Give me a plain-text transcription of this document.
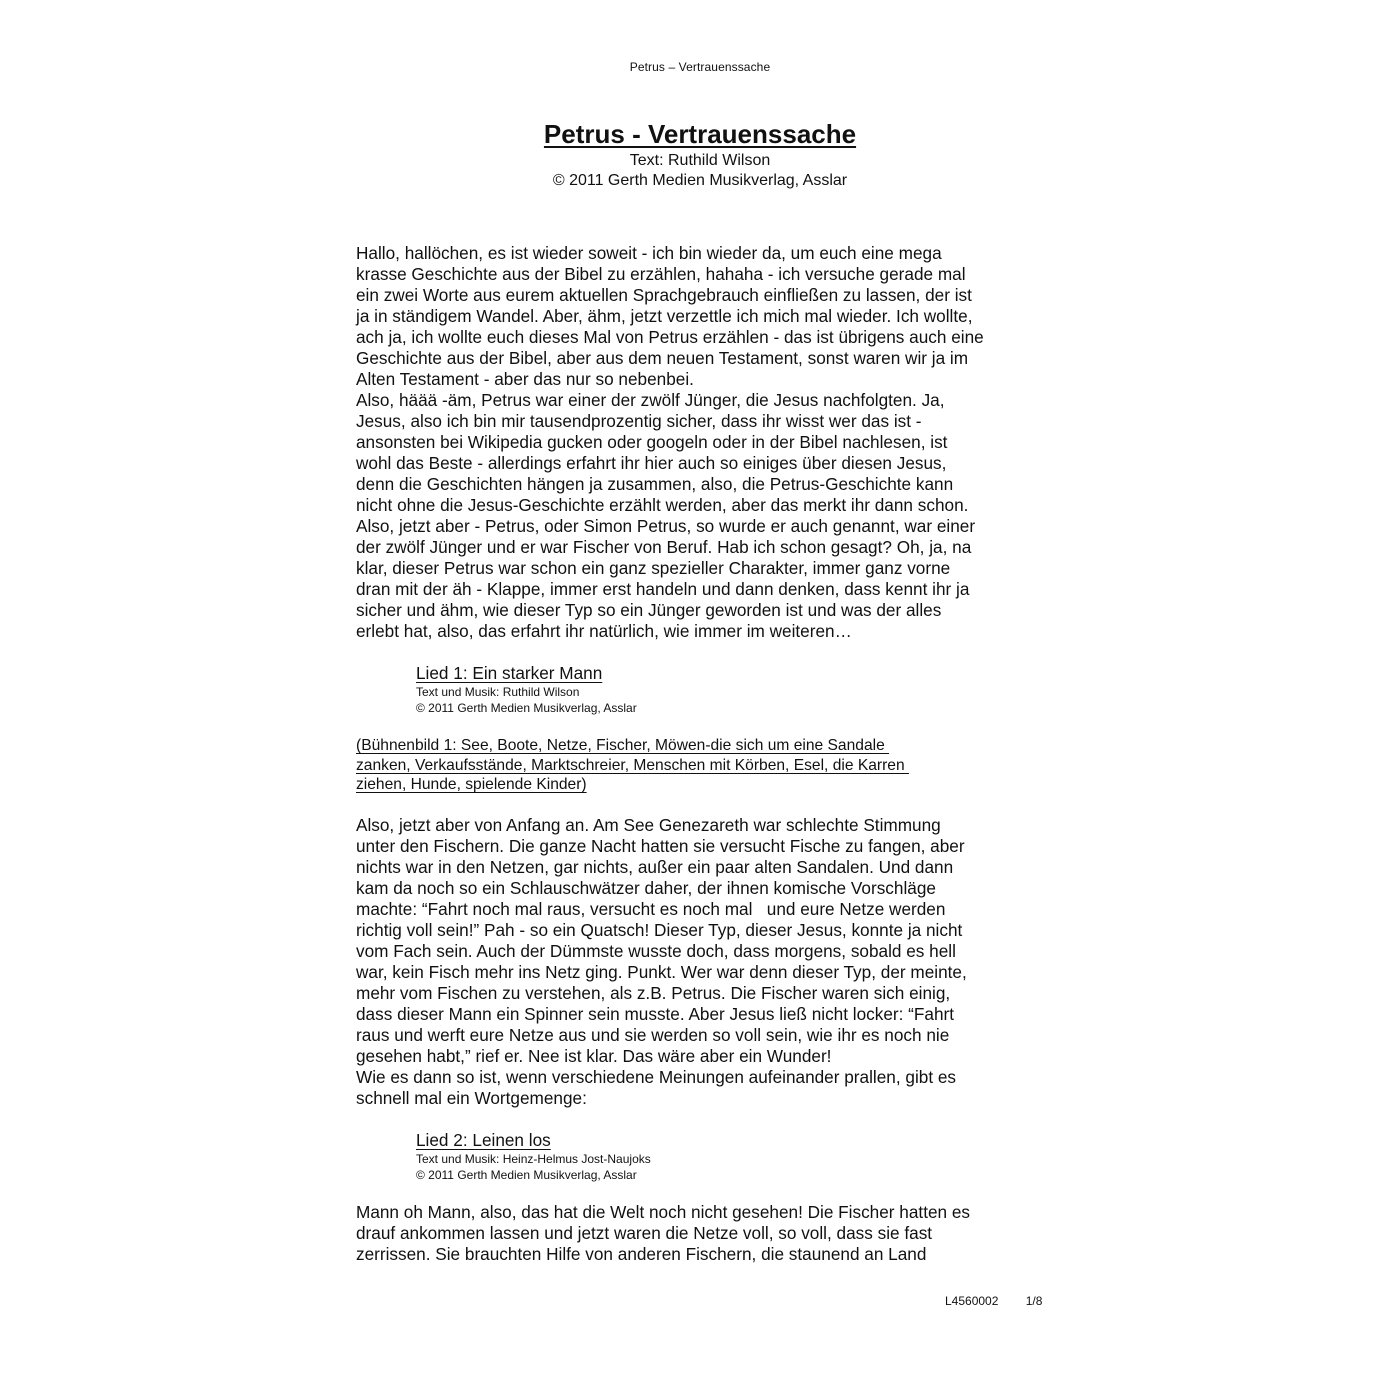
Petrus – Vertrauenssache
Petrus - Vertrauenssache
Text: Ruthild Wilson
© 2011 Gerth Medien Musikverlag, Asslar
Hallo, hallöchen, es ist wieder soweit - ich bin wieder da, um euch eine mega
krasse Geschichte aus der Bibel zu erzählen, hahaha - ich versuche gerade mal
ein zwei Worte aus eurem aktuellen Sprachgebrauch einfließen zu lassen, der ist
ja in ständigem Wandel. Aber, ähm, jetzt verzettle ich mich mal wieder. Ich wollte,
ach ja, ich wollte euch dieses Mal von Petrus erzählen - das ist übrigens auch eine
Geschichte aus der Bibel, aber aus dem neuen Testament, sonst waren wir ja im
Alten Testament - aber das nur so nebenbei.
Also, häää -äm, Petrus war einer der zwölf Jünger, die Jesus nachfolgten. Ja,
Jesus, also ich bin mir tausendprozentig sicher, dass ihr wisst wer das ist -
ansonsten bei Wikipedia gucken oder googeln oder in der Bibel nachlesen, ist
wohl das Beste - allerdings erfahrt ihr hier auch so einiges über diesen Jesus,
denn die Geschichten hängen ja zusammen, also, die Petrus-Geschichte kann
nicht ohne die Jesus-Geschichte erzählt werden, aber das merkt ihr dann schon.
Also, jetzt aber - Petrus, oder Simon Petrus, so wurde er auch genannt, war einer
der zwölf Jünger und er war Fischer von Beruf. Hab ich schon gesagt? Oh, ja, na
klar, dieser Petrus war schon ein ganz spezieller Charakter, immer ganz vorne
dran mit der äh - Klappe, immer erst handeln und dann denken, dass kennt ihr ja
sicher und ähm, wie dieser Typ so ein Jünger geworden ist und was der alles
erlebt hat, also, das erfahrt ihr natürlich, wie immer im weiteren…
Lied 1: Ein starker Mann
Text und Musik: Ruthild Wilson
© 2011 Gerth Medien Musikverlag, Asslar
(Bühnenbild 1: See, Boote, Netze, Fischer, Möwen-die sich um eine Sandale
zanken, Verkaufsstände, Marktschreier, Menschen mit Körben, Esel, die Karren
ziehen, Hunde, spielende Kinder)
Also, jetzt aber von Anfang an. Am See Genezareth war schlechte Stimmung
unter den Fischern. Die ganze Nacht hatten sie versucht Fische zu fangen, aber
nichts war in den Netzen, gar nichts, außer ein paar alten Sandalen. Und dann
kam da noch so ein Schlauschwätzer daher, der ihnen komische Vorschläge
machte: “Fahrt noch mal raus, versucht es noch mal   und eure Netze werden
richtig voll sein!” Pah - so ein Quatsch! Dieser Typ, dieser Jesus, konnte ja nicht
vom Fach sein. Auch der Dümmste wusste doch, dass morgens, sobald es hell
war, kein Fisch mehr ins Netz ging. Punkt. Wer war denn dieser Typ, der meinte,
mehr vom Fischen zu verstehen, als z.B. Petrus. Die Fischer waren sich einig,
dass dieser Mann ein Spinner sein musste. Aber Jesus ließ nicht locker: “Fahrt
raus und werft eure Netze aus und sie werden so voll sein, wie ihr es noch nie
gesehen habt,” rief er. Nee ist klar. Das wäre aber ein Wunder!
Wie es dann so ist, wenn verschiedene Meinungen aufeinander prallen, gibt es
schnell mal ein Wortgemenge:
Lied 2: Leinen los
Text und Musik: Heinz-Helmus Jost-Naujoks
© 2011 Gerth Medien Musikverlag, Asslar
Mann oh Mann, also, das hat die Welt noch nicht gesehen! Die Fischer hatten es
drauf ankommen lassen und jetzt waren die Netze voll, so voll, dass sie fast
zerrissen. Sie brauchten Hilfe von anderen Fischern, die staunend an Land
L4560002 1/8
